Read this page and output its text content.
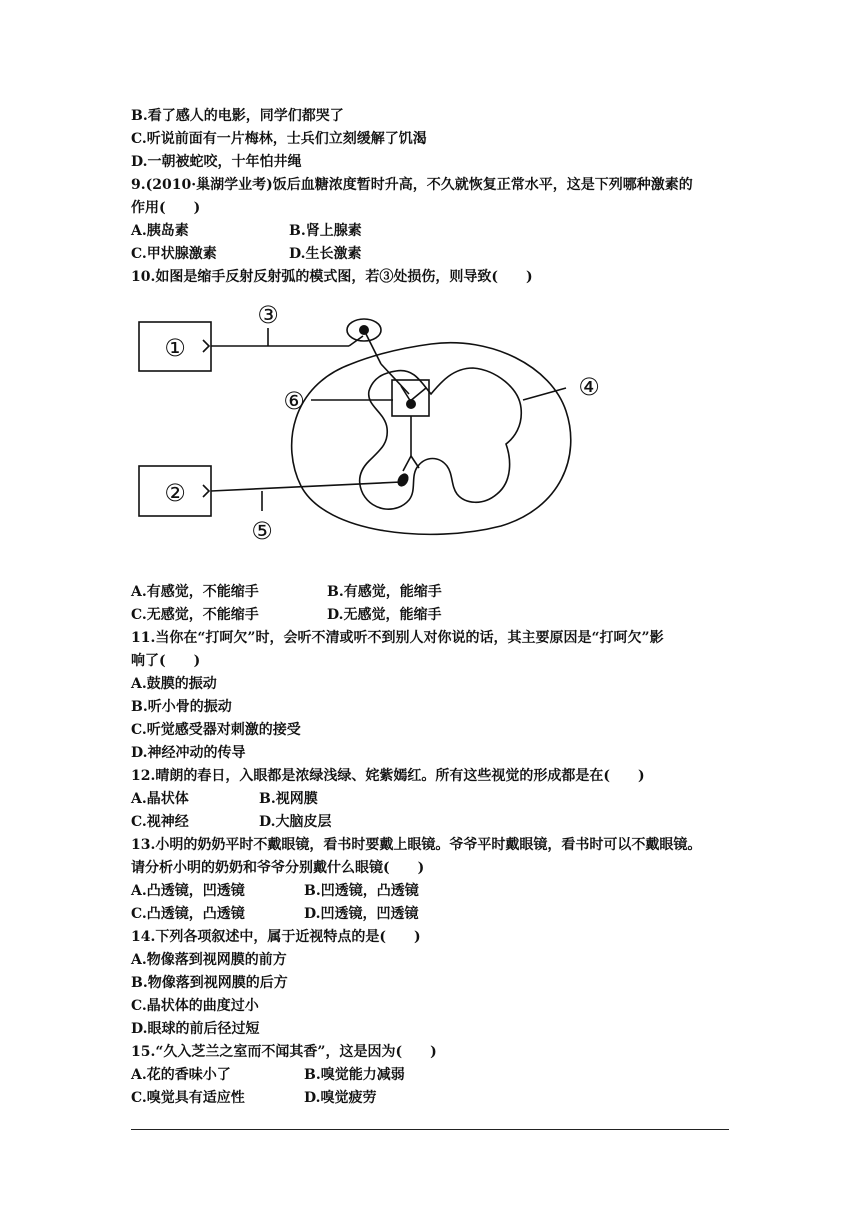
B.看了感人的电影，同学们都哭了
C.听说前面有一片梅林，士兵们立刻缓解了饥渴
D.一朝被蛇咬，十年怕井绳
9.(2010·巢湖学业考)饭后血糖浓度暂时升高，不久就恢复正常水平，这是下列哪种激素的
作用(　　)
A.胰岛素	B.肾上腺素
C.甲状腺激素	D.生长激素
10.如图是缩手反射反射弧的模式图，若③处损伤，则导致(　　)
①
②
③
④
⑤
⑥
A.有感觉，不能缩手	B.有感觉，能缩手
C.无感觉，不能缩手	D.无感觉，能缩手
11.当你在“打呵欠”时，会听不清或听不到别人对你说的话，其主要原因是“打呵欠”影
响了(　　)
A.鼓膜的振动
B.听小骨的振动
C.听觉感受器对刺激的接受
D.神经冲动的传导
12.晴朗的春日，入眼都是浓绿浅绿、姹紫嫣红。所有这些视觉的形成都是在(　　)
A.晶状体	B.视网膜
C.视神经	D.大脑皮层
13.小明的奶奶平时不戴眼镜，看书时要戴上眼镜。爷爷平时戴眼镜，看书时可以不戴眼镜。
请分析小明的奶奶和爷爷分别戴什么眼镜(　　)
A.凸透镜，凹透镜	B.凹透镜，凸透镜
C.凸透镜，凸透镜	D.凹透镜，凹透镜
14.下列各项叙述中，属于近视特点的是(　　)
A.物像落到视网膜的前方
B.物像落到视网膜的后方
C.晶状体的曲度过小
D.眼球的前后径过短
15.“久入芝兰之室而不闻其香”，这是因为(　　)
A.花的香味小了	B.嗅觉能力减弱
C.嗅觉具有适应性	D.嗅觉疲劳
